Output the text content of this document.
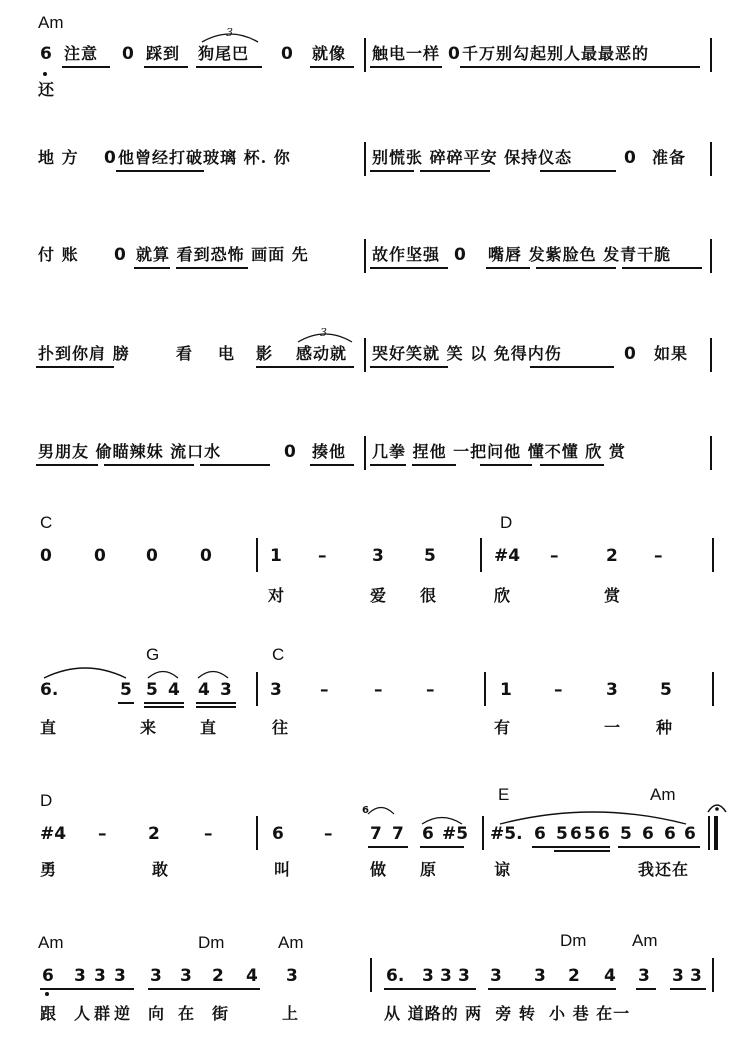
Am
3
6 注意 0 踩到 狗尾巴 0 就像 触电一样 0 千万别勾起别人最最恶的
还
地 方 0 他曾经打破玻璃 杯. 你	别慌张 碎碎平安 保持仪态	0 准备
付 账 0 就算 看到恐怖 画面 先	故作坚强 0 嘴唇 发紫脸色 发青干脆
3
扑到你肩 膀	看 电 影 感动就 哭好笑就 笑 以 免得内伤	0 如果
男朋友 偷瞄辣妹 流口水	0 揍他 几拳 捏他 一把问他 懂不懂 欣 赏
C	D
0 0 0 0	1 –	3 5	#4 –	2 –
对	爱 很	欣	赏
G	C
6.	5 5 4 4 3 3 –	–	–	1 –	3 5
直	来	直	往	有	一 种
D	E	Am
#4 – 2	–	6 –
6
7 7 6 #5 #5. 6 5 6 5 6 5 6 6 6
勇	敢	叫	做 原	谅	我还在
Am	Dm	Am	Dm	Am
6 3 3 3 3 3 2 4 3	6. 3 3 3 3 3 2 4 3 3 3
跟 人 群 逆 向 在 街	上	从 道路的 两  旁 转  小 巷 在一
